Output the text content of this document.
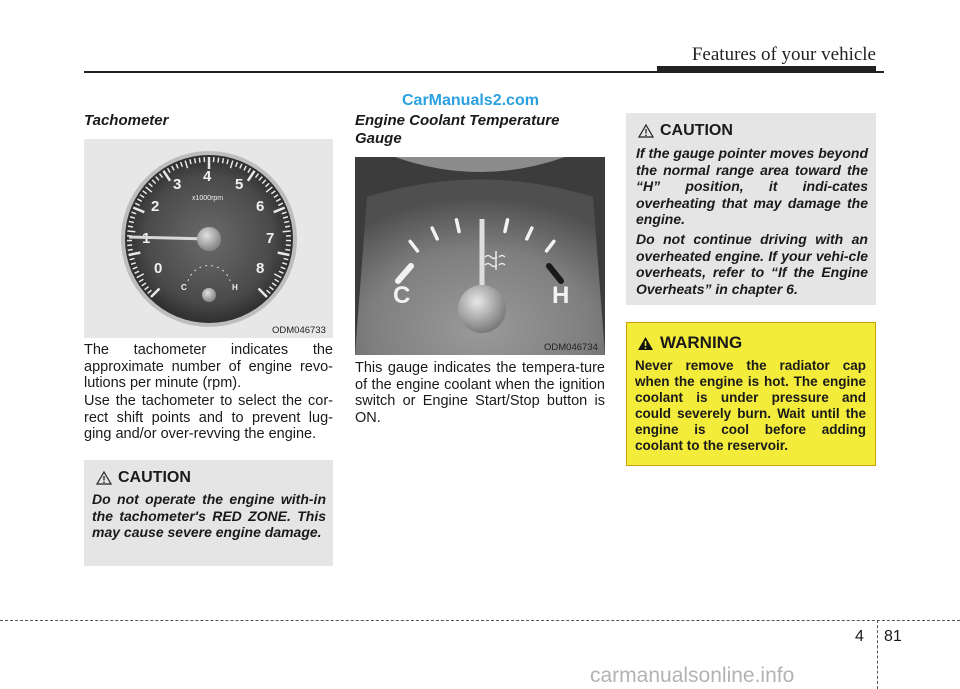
Features of your vehicle
CarManuals2.com
Tachometer
0
2
3 4 5
6
7
8
x1000rpm
C	H
ODM046733

The tachometer indicates the approximate number of engine revo-lutions per minute (rpm).

Use the tachometer to select the cor-rect shift points and to prevent lug-ging and/or over-revving the engine.

CAUTION

Do not operate the engine with-in the tachometer's RED ZONE. This may cause severe engine damage.

Engine Coolant Temperature Gauge
C	H
ODM046734

This gauge indicates the tempera-ture of the engine coolant when the ignition switch or Engine Start/Stop button is ON.

CAUTION

If the gauge pointer moves beyond the normal range area toward the “H” position, it indi-cates overheating that may damage the engine.

Do not continue driving with an overheated engine. If your vehi-cle overheats, refer to “If the Engine Overheats” in chapter 6.

WARNING

Never remove the radiator cap when the engine is hot. The engine coolant is under pressure and could severely burn. Wait until the engine is cool before adding coolant to the reservoir.

4 81
carmanualsonline.info
